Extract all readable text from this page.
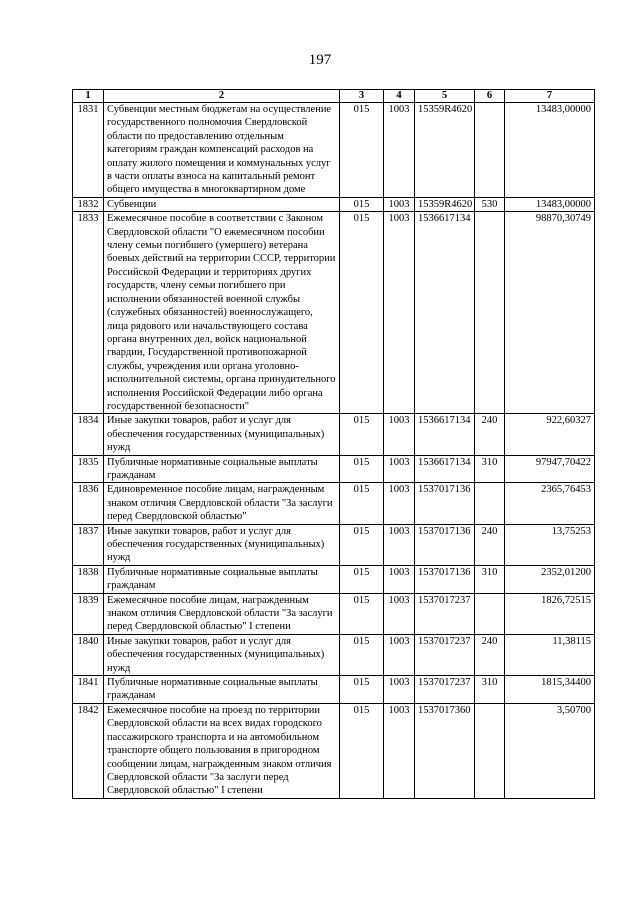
197
1	2	3	4	5	6	7
1831	Субвенции местным бюджетам на осуществление государственного полномочия Свердловской области по предоставлению отдельным категориям граждан компенсаций расходов на оплату жилого помещения и коммунальных услуг в части оплаты взноса на капитальный ремонт общего имущества в многоквартирном доме	015	1003	15359R4620		13483,00000
1832	Субвенции	015	1003	15359R4620	530	13483,00000
1833	Ежемесячное пособие в соответствии с Законом Свердловской области "О ежемесячном пособии члену семьи погибшего (умершего) ветерана боевых действий на территории СССР, территории Российской Федерации и территориях других государств, члену семьи погибшего при исполнении обязанностей военной службы (служебных обязанностей) военнослужащего, лица рядового или начальствующего состава органа внутренних дел, войск национальной гвардии, Государственной противопожарной службы, учреждения или органа уголовно-исполнительной системы, органа принудительного исполнения Российской Федерации либо органа государственной безопасности"	015	1003	1536617134		98870,30749
1834	Иные закупки товаров, работ и услуг для обеспечения государственных (муниципальных) нужд	015	1003	1536617134	240	922,60327
1835	Публичные нормативные социальные выплаты гражданам	015	1003	1536617134	310	97947,70422
1836	Единовременное пособие лицам, награжденным знаком отличия Свердловской области "За заслуги перед Свердловской областью"	015	1003	1537017136		2365,76453
1837	Иные закупки товаров, работ и услуг для обеспечения государственных (муниципальных) нужд	015	1003	1537017136	240	13,75253
1838	Публичные нормативные социальные выплаты гражданам	015	1003	1537017136	310	2352,01200
1839	Ежемесячное пособие лицам, награжденным знаком отличия Свердловской области "За заслуги перед Свердловской областью" I степени	015	1003	1537017237		1826,72515
1840	Иные закупки товаров, работ и услуг для обеспечения государственных (муниципальных) нужд	015	1003	1537017237	240	11,38115
1841	Публичные нормативные социальные выплаты гражданам	015	1003	1537017237	310	1815,34400
1842	Ежемесячное пособие на проезд по территории Свердловской области на всех видах городского пассажирского транспорта и на автомобильном транспорте общего пользования в пригородном сообщении лицам, награжденным знаком отличия Свердловской области "За заслуги перед Свердловской областью" I степени	015	1003	1537017360		3,50700
